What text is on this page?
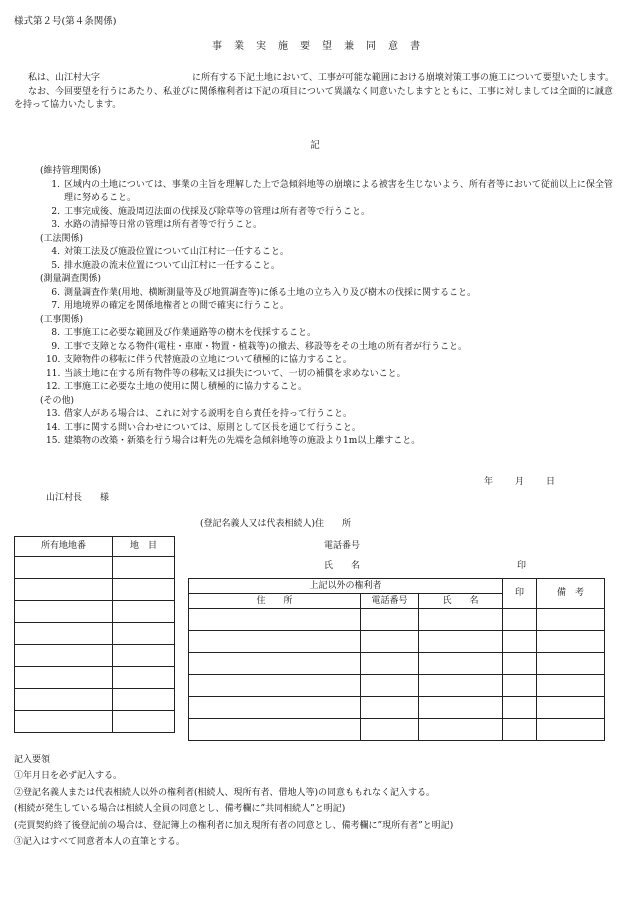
様式第２号(第４条関係)
事業実施要望兼同意書

私は、山江村大字	に所有する下記土地において、工事が可能な範囲における崩壊対策工事の施工について要望いたします。

なお、今回要望を行うにあたり、私並びに関係権利者は下記の項目について異議なく同意いたしますとともに、工事に対しましては全面的に誠意を持って協力いたします。

記
(維持管理関係)
1. 区域内の土地については、事業の主旨を理解した上で急傾斜地等の崩壊による被害を生じないよう、所有者等において従前以上に保全管理に努めること。
2. 工事完成後、施設周辺法面の伐採及び除草等の管理は所有者等で行うこと。
3. 水路の清掃等日常の管理は所有者等で行うこと。
(工法関係)
4. 対策工法及び施設位置について山江村に一任すること。
5. 排水施設の流末位置について山江村に一任すること。
(測量調査関係)
6. 測量調査作業(用地、横断測量等及び地質調査等)に係る土地の立ち入り及び樹木の伐採に関すること。
7. 用地境界の確定を関係地権者との間で確実に行うこと。
(工事関係)
8. 工事施工に必要な範囲及び作業通路等の樹木を伐採すること。
9. 工事で支障となる物件(電柱・車庫・物置・植栽等)の撤去、移設等をその土地の所有者が行うこと。
10. 支障物件の移転に伴う代替施設の立地について積極的に協力すること。
11. 当該土地に在する所有物件等の移転又は損失について、一切の補償を求めないこと。
12. 工事施工に必要な土地の使用に関し積極的に協力すること。
(その他)
13. 借家人がある場合は、これに対する説明を自ら責任を持って行うこと。
14. 工事に関する問い合わせについては、原則として区長を通じて行うこと。
15. 建築物の改築・新築を行う場合は軒先の先端を急傾斜地等の施設より1m以上離すこと。
年 月 日
山江村長 様
(登記名義人又は代表相続人)住　　所
電話番号
氏　　名	印
所有地地番	地　目

上記以外の権利者			印	備　考
住　　所	電話番号	氏　　名		

記入要領
①年月日を必ず記入する。
②登記名義人または代表相続人以外の権利者(相続人、現所有者、借地人等)の同意ももれなく記入する。
(相続が発生している場合は相続人全員の同意とし、備考欄に”共同相続人”と明記)
(売買契約終了後登記前の場合は、登記簿上の権利者に加え現所有者の同意とし、備考欄に”現所有者”と明記)
③記入はすべて同意者本人の直筆とする。
